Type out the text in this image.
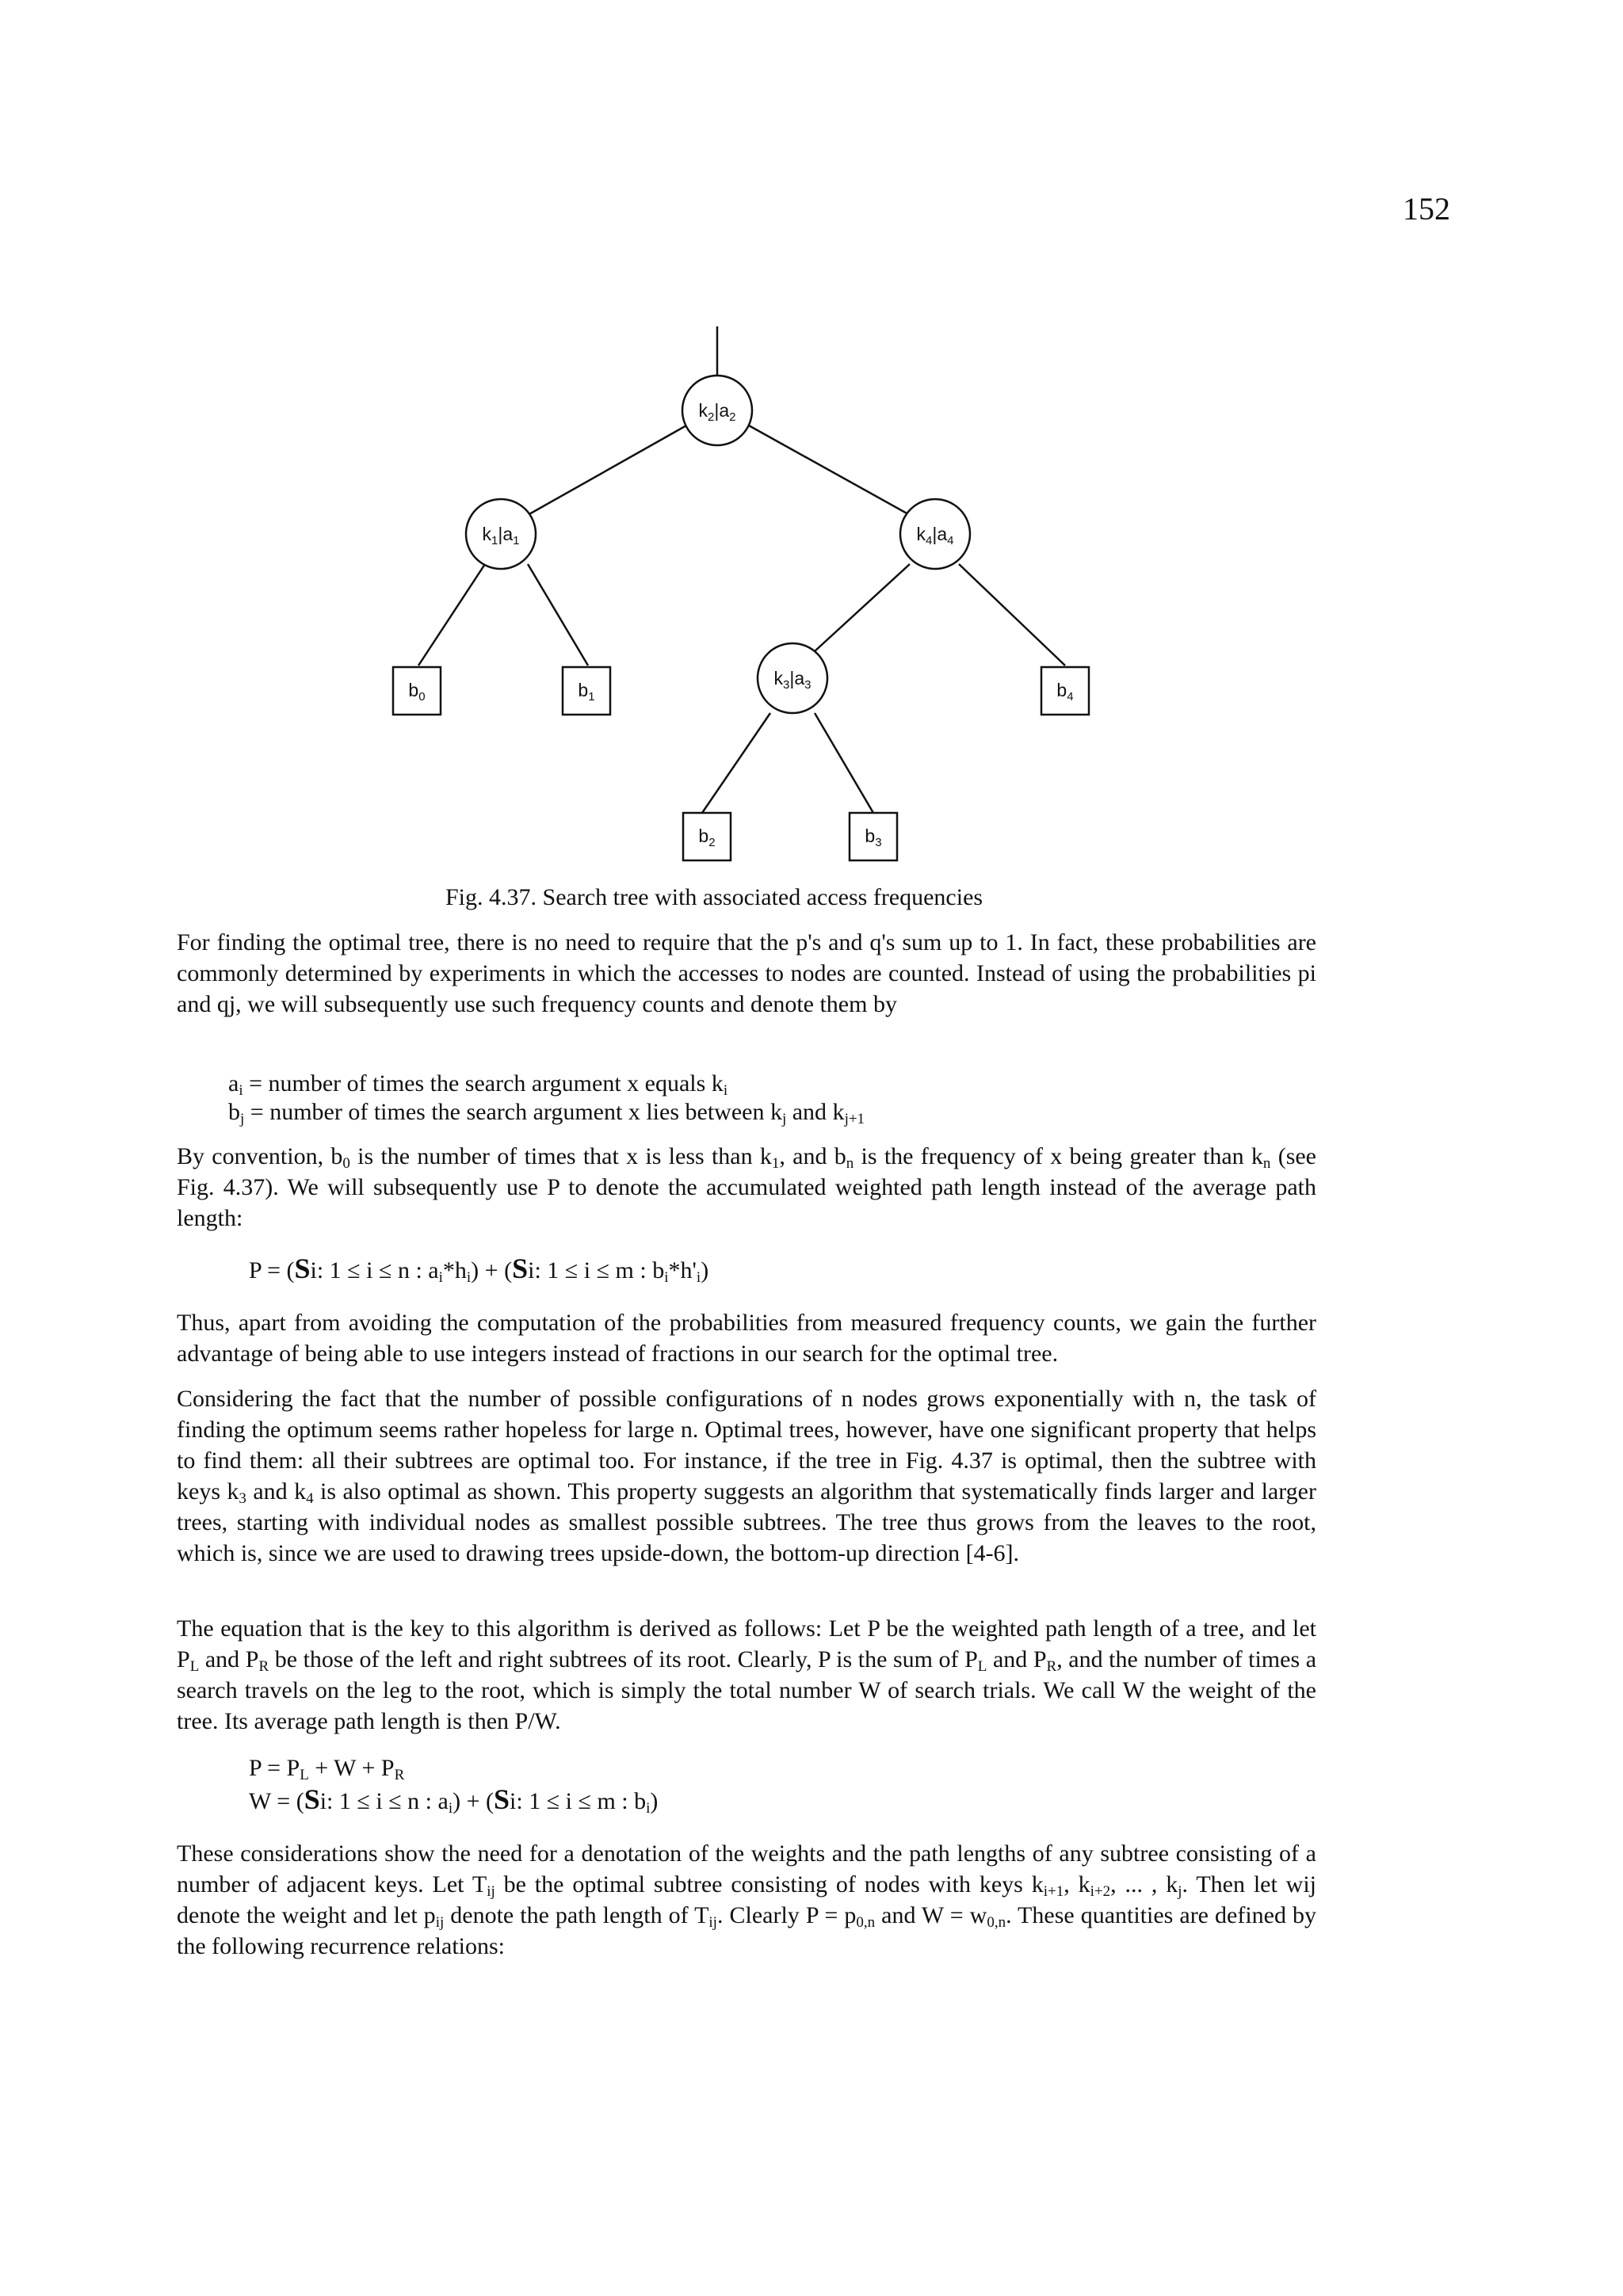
152
$k_2|a_2$
$k_1|a_1$	$k_4|a_4$
$k_3|a_3$
$b_0$	$b_1$	$b_4$
$b_2$	$b_3$
Fig. 4.37. Search tree with associated access frequencies

For finding the optimal tree, there is no need to require that the p's and q's sum up to 1. In fact, these probabilities are commonly determined by experiments in which the accesses to nodes are counted. Instead of using the probabilities pi and qj, we will subsequently use such frequency counts and denote them by

$a_i$ = number of times the search argument x equals $k_i$
$b_j$ = number of times the search argument x lies between $k_j$ and $k_{j+1}$

By convention, $b_0$ is the number of times that x is less than $k_1$, and $b_n$ is the frequency of x being greater than $k_n$ (see Fig. 4.37). We will subsequently use P to denote the accumulated weighted path length instead of the average path length:

P = (Si: 1 ≤ i ≤ n : $a_i*h_i) + (Si$: 1 ≤ i ≤ m : $b_i*h'_i$)

Thus, apart from avoiding the computation of the probabilities from measured frequency counts, we gain the further advantage of being able to use integers instead of fractions in our search for the optimal tree.

Considering the fact that the number of possible configurations of n nodes grows exponentially with n, the task of finding the optimum seems rather hopeless for large n. Optimal trees, however, have one significant property that helps to find them: all their subtrees are optimal too. For instance, if the tree in Fig. 4.37 is optimal, then the subtree with keys $k_3$ and $k_4$ is also optimal as shown. This property suggests an algorithm that systematically finds larger and larger trees, starting with individual nodes as smallest possible subtrees. The tree thus grows from the leaves to the root, which is, since we are used to drawing trees upside-down, the bottom-up direction [4-6].

The equation that is the key to this algorithm is derived as follows: Let P be the weighted path length of a tree, and let $P_L$ and $P_R$ be those of the left and right subtrees of its root. Clearly, P is the sum of $P_L$ and $P_R$, and the number of times a search travels on the leg to the root, which is simply the total number W of search trials. We call W the weight of the tree. Its average path length is then P/W.

$P = P_L + W + P_R$
W = (Si: 1 ≤ i ≤ n : $a_i) + (Si$: 1 ≤ i ≤ m : $b_i$)

These considerations show the need for a denotation of the weights and the path lengths of any subtree consisting of a number of adjacent keys. Let $T_{ij}$ be the optimal subtree consisting of nodes with keys $k_{i+1}$, $k_{i+2}$, ... , $k_j$. Then let wij denote the weight and let $p_{ij}$ denote the path length of $T_{ij}$. Clearly $P = p_{0,n}$ and $W = w_{0,n}$. These quantities are defined by the following recurrence relations:
